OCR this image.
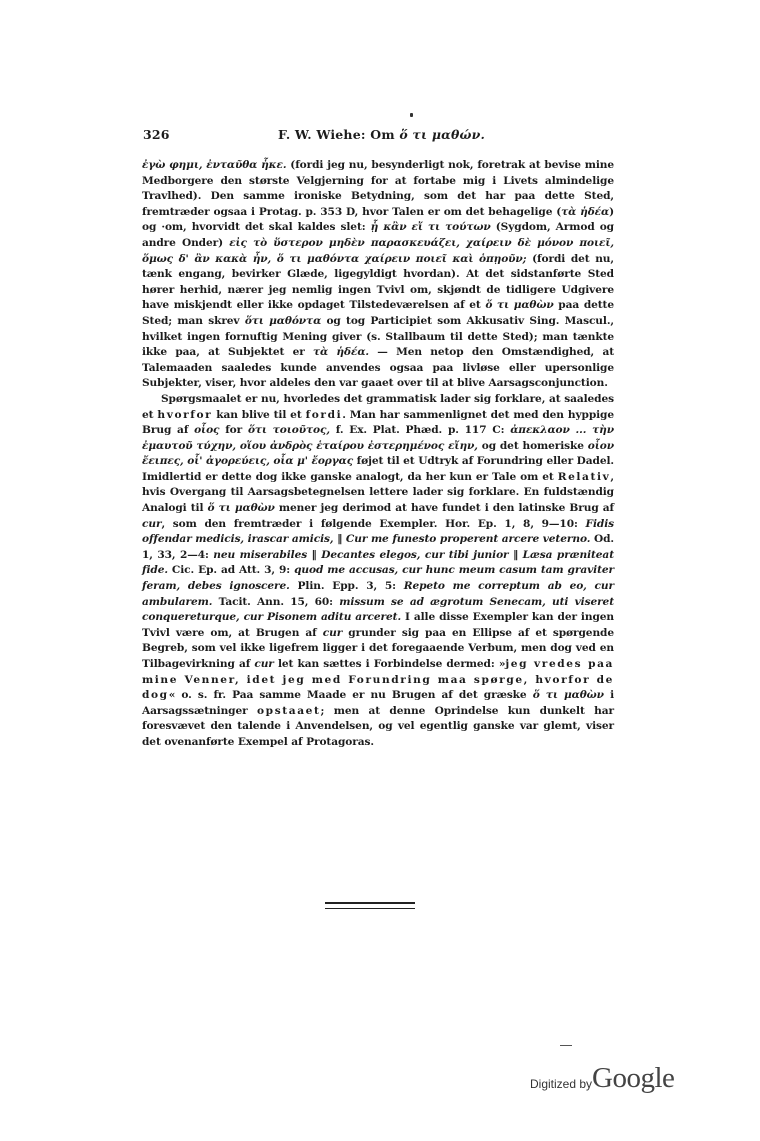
326	F. W. Wiehe: Om ὅ τι μαθών.

ἐγὼ φημι, ἐνταῦθα ἧκε. (fordi jeg nu, besynderligt nok, foretrak at bevise mine Medborgere den største Velgjerning for at fortabe mig i Livets almindelige Travlhed). Den samme ironiske Betydning, som det har paa dette Sted, fremtræder ogsaa i Protag. p. 353 D, hvor Talen er om det behagelige (τὰ ἡδέα) og ·om, hvorvidt det skal kaldes slet: ᾗ κἂν εἴ τι τούτων (Sygdom, Armod og andre Onder) εἰς τὸ ὕστερον μηδὲν παρασκευάζει, χαίρειν δὲ μόνον ποιεῖ, ὅμως δ' ἂν κακὰ ἦν, ὅ τι μαθόντα χαίρειν ποιεῖ καὶ ὁπῃοῦν; (fordi det nu, tænk engang, bevirker Glæde, ligegyldigt hvordan). At det sidstanførte Sted hører herhid, nærer jeg nemlig ingen Tvivl om, skjøndt de tidligere Udgivere have miskjendt eller ikke opdaget Tilstedeværelsen af et ὅ τι μαθὼν paa dette Sted; man skrev ὅτι μαθόντα og tog Participiet som Akkusativ Sing. Mascul., hvilket ingen fornuftig Mening giver (s. Stallbaum til dette Sted); man tænkte ikke paa, at Subjektet er τὰ ἡδέα. — Men netop den Omstændighed, at Talemaaden saaledes kunde anvendes ogsaa paa livløse eller upersonlige Subjekter, viser, hvor aldeles den var gaaet over til at blive Aarsagsconjunction.

Spørgsmaalet er nu, hvorledes det grammatisk lader sig forklare, at saaledes et hvorfor kan blive til et fordi. Man har sammenlignet det med den hyppige Brug af οἷος for ὅτι τοιοῦτος, f. Ex. Plat. Phæd. p. 117 C: ἀπεκλαον ... τὴν ἐμαυτοῦ τύχην, οἵου ἀνδρὸς ἑταίρου ἐστερημένος εἴην, og det homeriske οἷον ἔειπες, οἷ' ἀγορεύεις, οἷα μ' ἔοργας føjet til et Udtryk af Forundring eller Dadel. Imidlertid er dette dog ikke ganske analogt, da her kun er Tale om et Relativ, hvis Overgang til Aarsagsbetegnelsen lettere lader sig forklare. En fuldstændig Analogi til ὅ τι μαθὼν mener jeg derimod at have fundet i den latinske Brug af cur, som den fremtræder i følgende Exempler. Hor. Ep. 1, 8, 9—10: Fidis offendar medicis, irascar amicis, ‖ Cur me funesto properent arcere veterno. Od. 1, 33, 2—4: neu miserabiles ‖ Decantes elegos, cur tibi junior ‖ Læsa præniteat fide. Cic. Ep. ad Att. 3, 9: quod me accusas, cur hunc meum casum tam graviter feram, debes ignoscere. Plin. Epp. 3, 5: Repeto me correptum ab eo, cur ambularem. Tacit. Ann. 15, 60: missum se ad ægrotum Senecam, uti viseret conquereturque, cur Pisonem aditu arceret. I alle disse Exempler kan der ingen Tvivl være om, at Brugen af cur grunder sig paa en Ellipse af et spørgende Begreb, som vel ikke ligefrem ligger i det foregaaende Verbum, men dog ved en Tilbagevirkning af cur let kan sættes i Forbindelse dermed: »jeg vredes paa mine Venner, idet jeg med Forundring maa spørge, hvorfor de dog« o. s. fr. Paa samme Maade er nu Brugen af det græske ὅ τι μαθὼν i Aarsagssætninger opstaaet; men at denne Oprindelse kun dunkelt har foresvævet den talende i Anvendelsen, og vel egentlig ganske var glemt, viser det ovenanførte Exempel af Protagoras.

Digitized by Google
